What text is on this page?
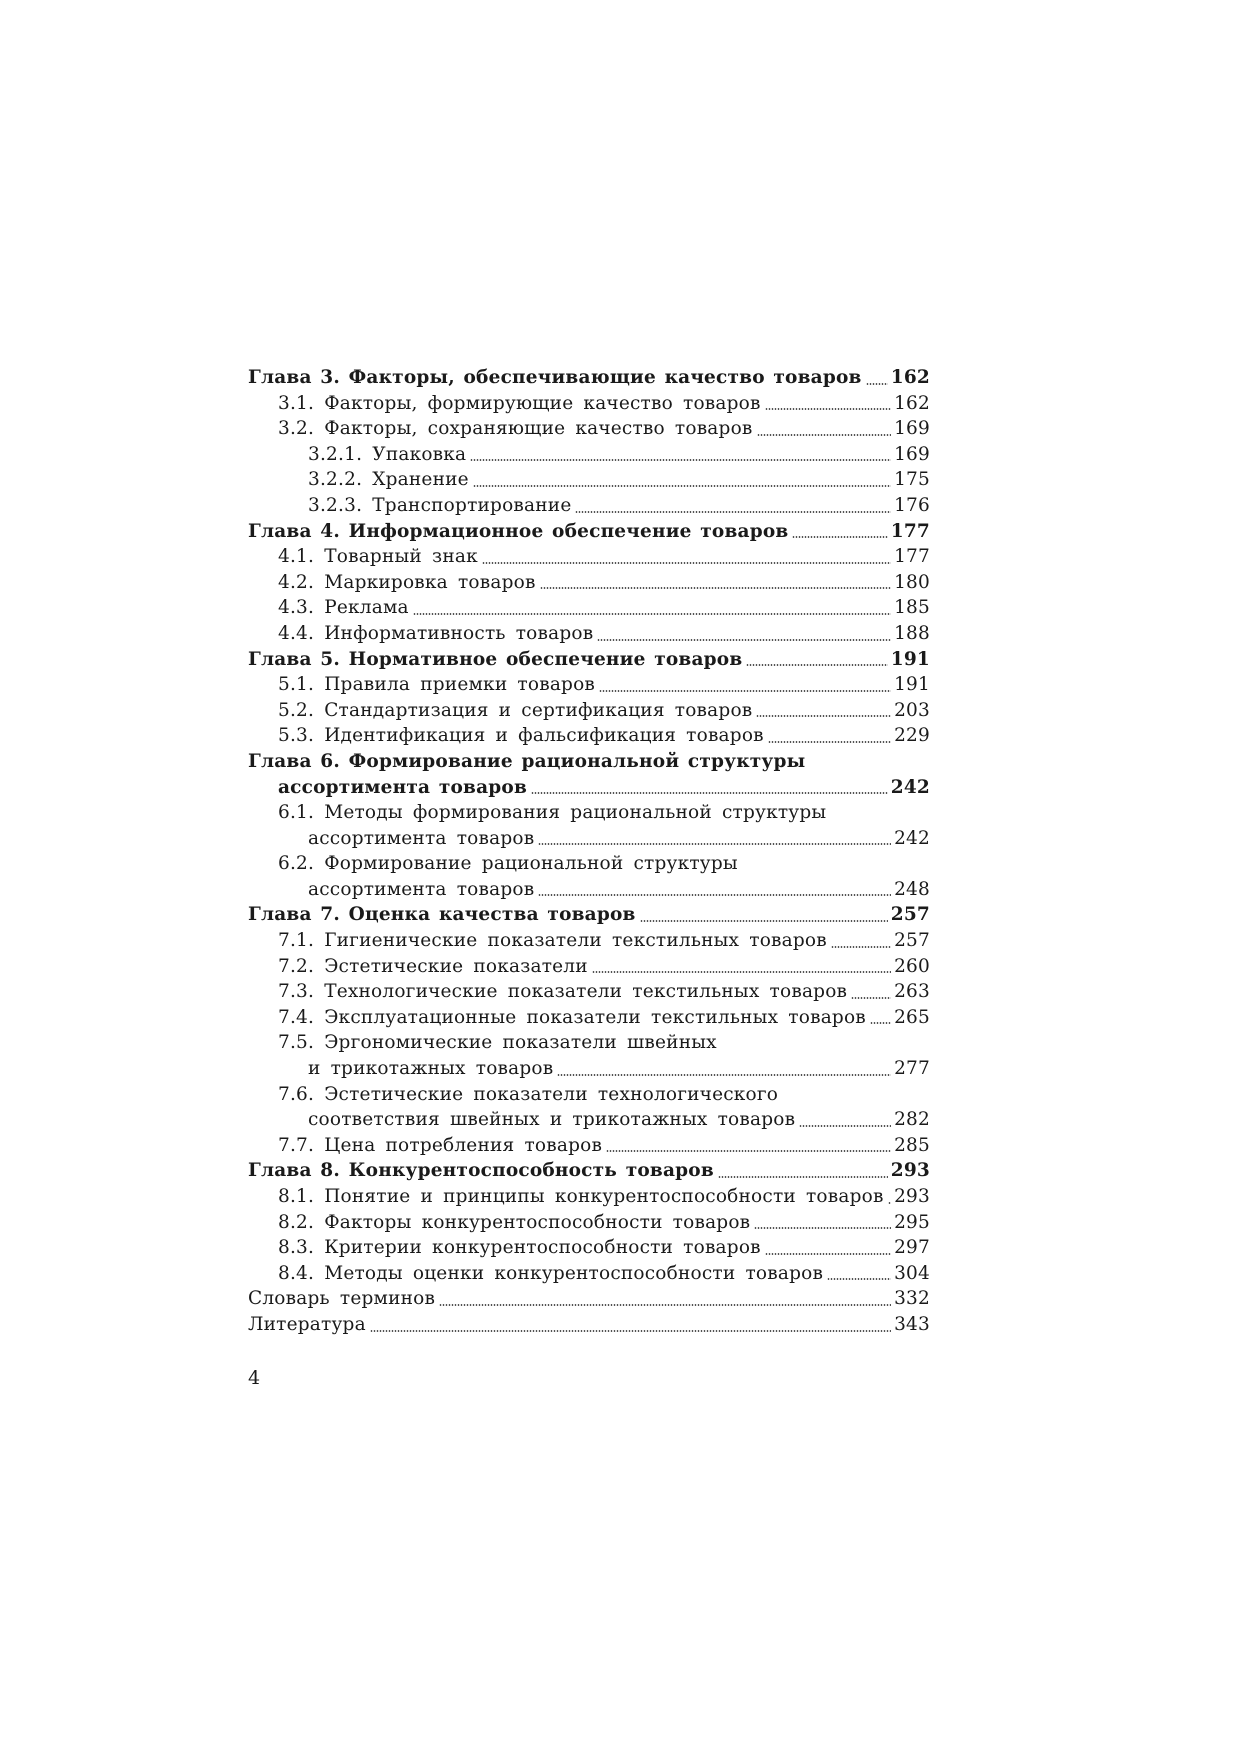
Глава 3.
Факторы, обеспечивающие качество товаров 162
3.1.
Факторы, формирующие качество товаров	162
3.2.
Факторы, сохраняющие качество товаров	169
3.2.1.
Упаковка	169
3.2.2.
Хранение	175
3.2.3.
Транспортирование	176
Глава 4.
Информационное обеспечение товаров	177
4.1.
Товарный знак	177
4.2.
Маркировка товаров	180
4.3.
Реклама	185
4.4.
Информативность товаров	188
Глава 5.
Нормативное обеспечение товаров	191
5.1.
Правила приемки товаров	191
5.2.
Стандартизация и сертификация товаров	203
5.3.
Идентификация и фальсификация товаров	229
Глава 6.
Формирование рациональной структуры
ассортимента товаров	242
6.1.
Методы формирования рациональной структуры
ассортимента товаров	242
6.2.
Формирование рациональной структуры
ассортимента товаров	248
Глава 7.
Оценка качества товаров	257
7.1.
Гигиенические показатели текстильных товаров	257
7.2.
Эстетические показатели	260
7.3.
Технологические показатели текстильных товаров	263
7.4.
Эксплуатационные показатели текстильных товаров 265
7.5.
Эргономические показатели швейных
и трикотажных товаров	277
7.6.
Эстетические показатели технологического
соответствия швейных и трикотажных товаров	282
7.7.
Цена потребления товаров	285
Глава 8.
Конкурентоспособность товаров	293
8.1.
Понятие и принципы конкурентоспособности товаров 293
8.2.
Факторы конкурентоспособности товаров	295
8.3.
Критерии конкурентоспособности товаров	297
8.4.
Методы оценки конкурентоспособности товаров	304
Словарь терминов	332
Литература	343
4
